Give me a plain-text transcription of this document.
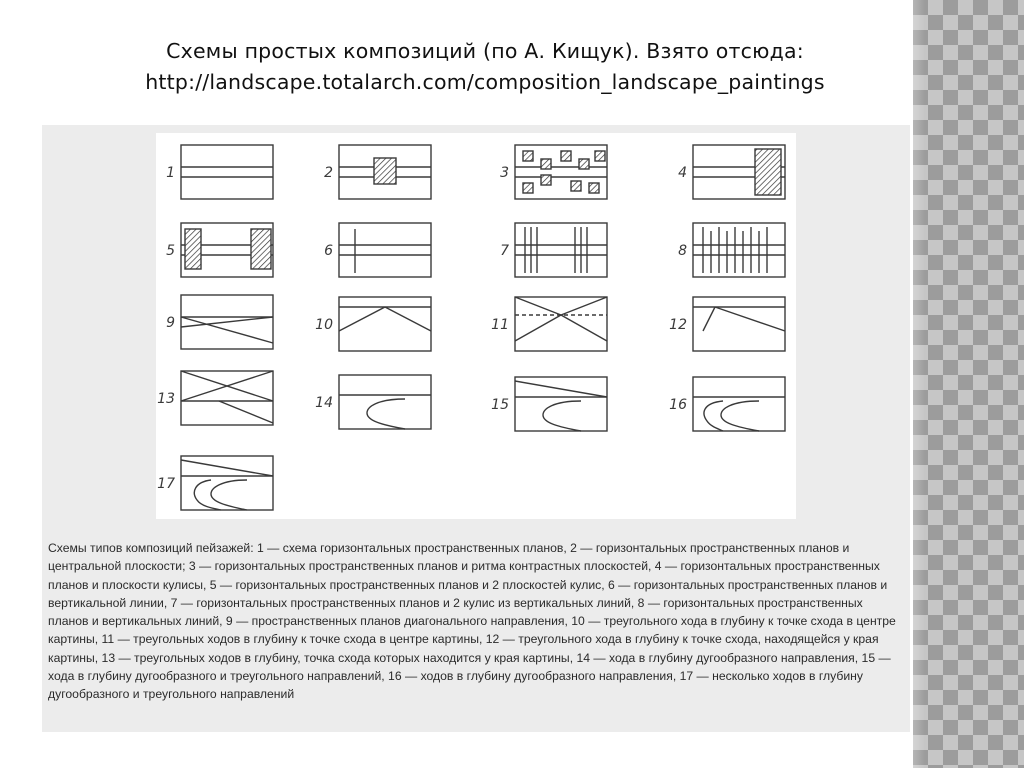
Схемы простых композиций (по А. Кищук). Взято отсюда:
http://landscape.totalarch.com/composition_landscape_paintings
1	2	3	4
5	6	7	8
9	10	11	12
13	14	15	16
17
Схемы типов композиций пейзажей: 1 — схема горизонтальных пространственных планов, 2 — горизонтальных пространственных планов и центральной плоскости; 3 — горизонтальных пространственных планов и ритма контрастных плоскостей, 4 — горизонтальных пространственных планов и плоскости кулисы, 5 — горизонтальных пространственных планов и 2 плоскостей кулис, 6 — горизонтальных пространственных планов и вертикальной линии, 7 — горизонтальных пространственных планов и 2 кулис из вертикальных линий, 8 — горизонтальных пространственных планов и вертикальных линий, 9 — пространственных планов диагонального направления, 10 — треугольного хода в глубину к точке схода в центре картины, 11 — треугольных ходов в глубину к точке схода в центре картины, 12 — треугольного хода в глубину к точке схода, находящейся у края картины, 13 — треугольных ходов в глубину, точка схода которых находится у края картины, 14 — хода в глубину дугообразного направления, 15 — хода в глубину дугообразного и треугольного направлений, 16 — ходов в глубину дугообразного направления, 17 — несколько ходов в глубину дугообразного и треугольного направлений
